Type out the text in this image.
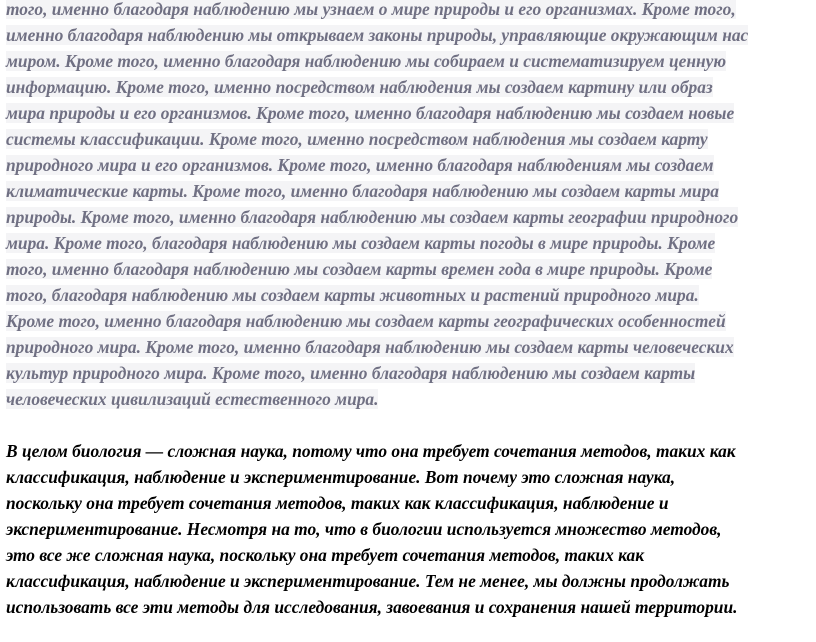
того, именно благодаря наблюдению мы узнаем о мире природы и его организмах. Кроме того,
именно благодаря наблюдению мы открываем законы природы, управляющие окружающим нас
миром. Кроме того, именно благодаря наблюдению мы собираем и систематизируем ценную
информацию. Кроме того, именно посредством наблюдения мы создаем картину или образ
мира природы и его организмов. Кроме того, именно благодаря наблюдению мы создаем новые
системы классификации. Кроме того, именно посредством наблюдения мы создаем карту
природного мира и его организмов. Кроме того, именно благодаря наблюдениям мы создаем
климатические карты. Кроме того, именно благодаря наблюдению мы создаем карты мира
природы. Кроме того, именно благодаря наблюдению мы создаем карты географии природного
мира. Кроме того, благодаря наблюдению мы создаем карты погоды в мире природы. Кроме
того, именно благодаря наблюдению мы создаем карты времен года в мире природы. Кроме
того, благодаря наблюдению мы создаем карты животных и растений природного мира.
Кроме того, именно благодаря наблюдению мы создаем карты географических особенностей
природного мира. Кроме того, именно благодаря наблюдению мы создаем карты человеческих
культур природного мира. Кроме того, именно благодаря наблюдению мы создаем карты
человеческих цивилизаций естественного мира.

В целом биология — сложная наука, потому что она требует сочетания методов, таких как
классификация, наблюдение и экспериментирование. Вот почему это сложная наука,
поскольку она требует сочетания методов, таких как классификация, наблюдение и
экспериментирование. Несмотря на то, что в биологии используется множество методов,
это все же сложная наука, поскольку она требует сочетания методов, таких как
классификация, наблюдение и экспериментирование. Тем не менее, мы должны продолжать
использовать все эти методы для исследования, завоевания и сохранения нашей территории.
